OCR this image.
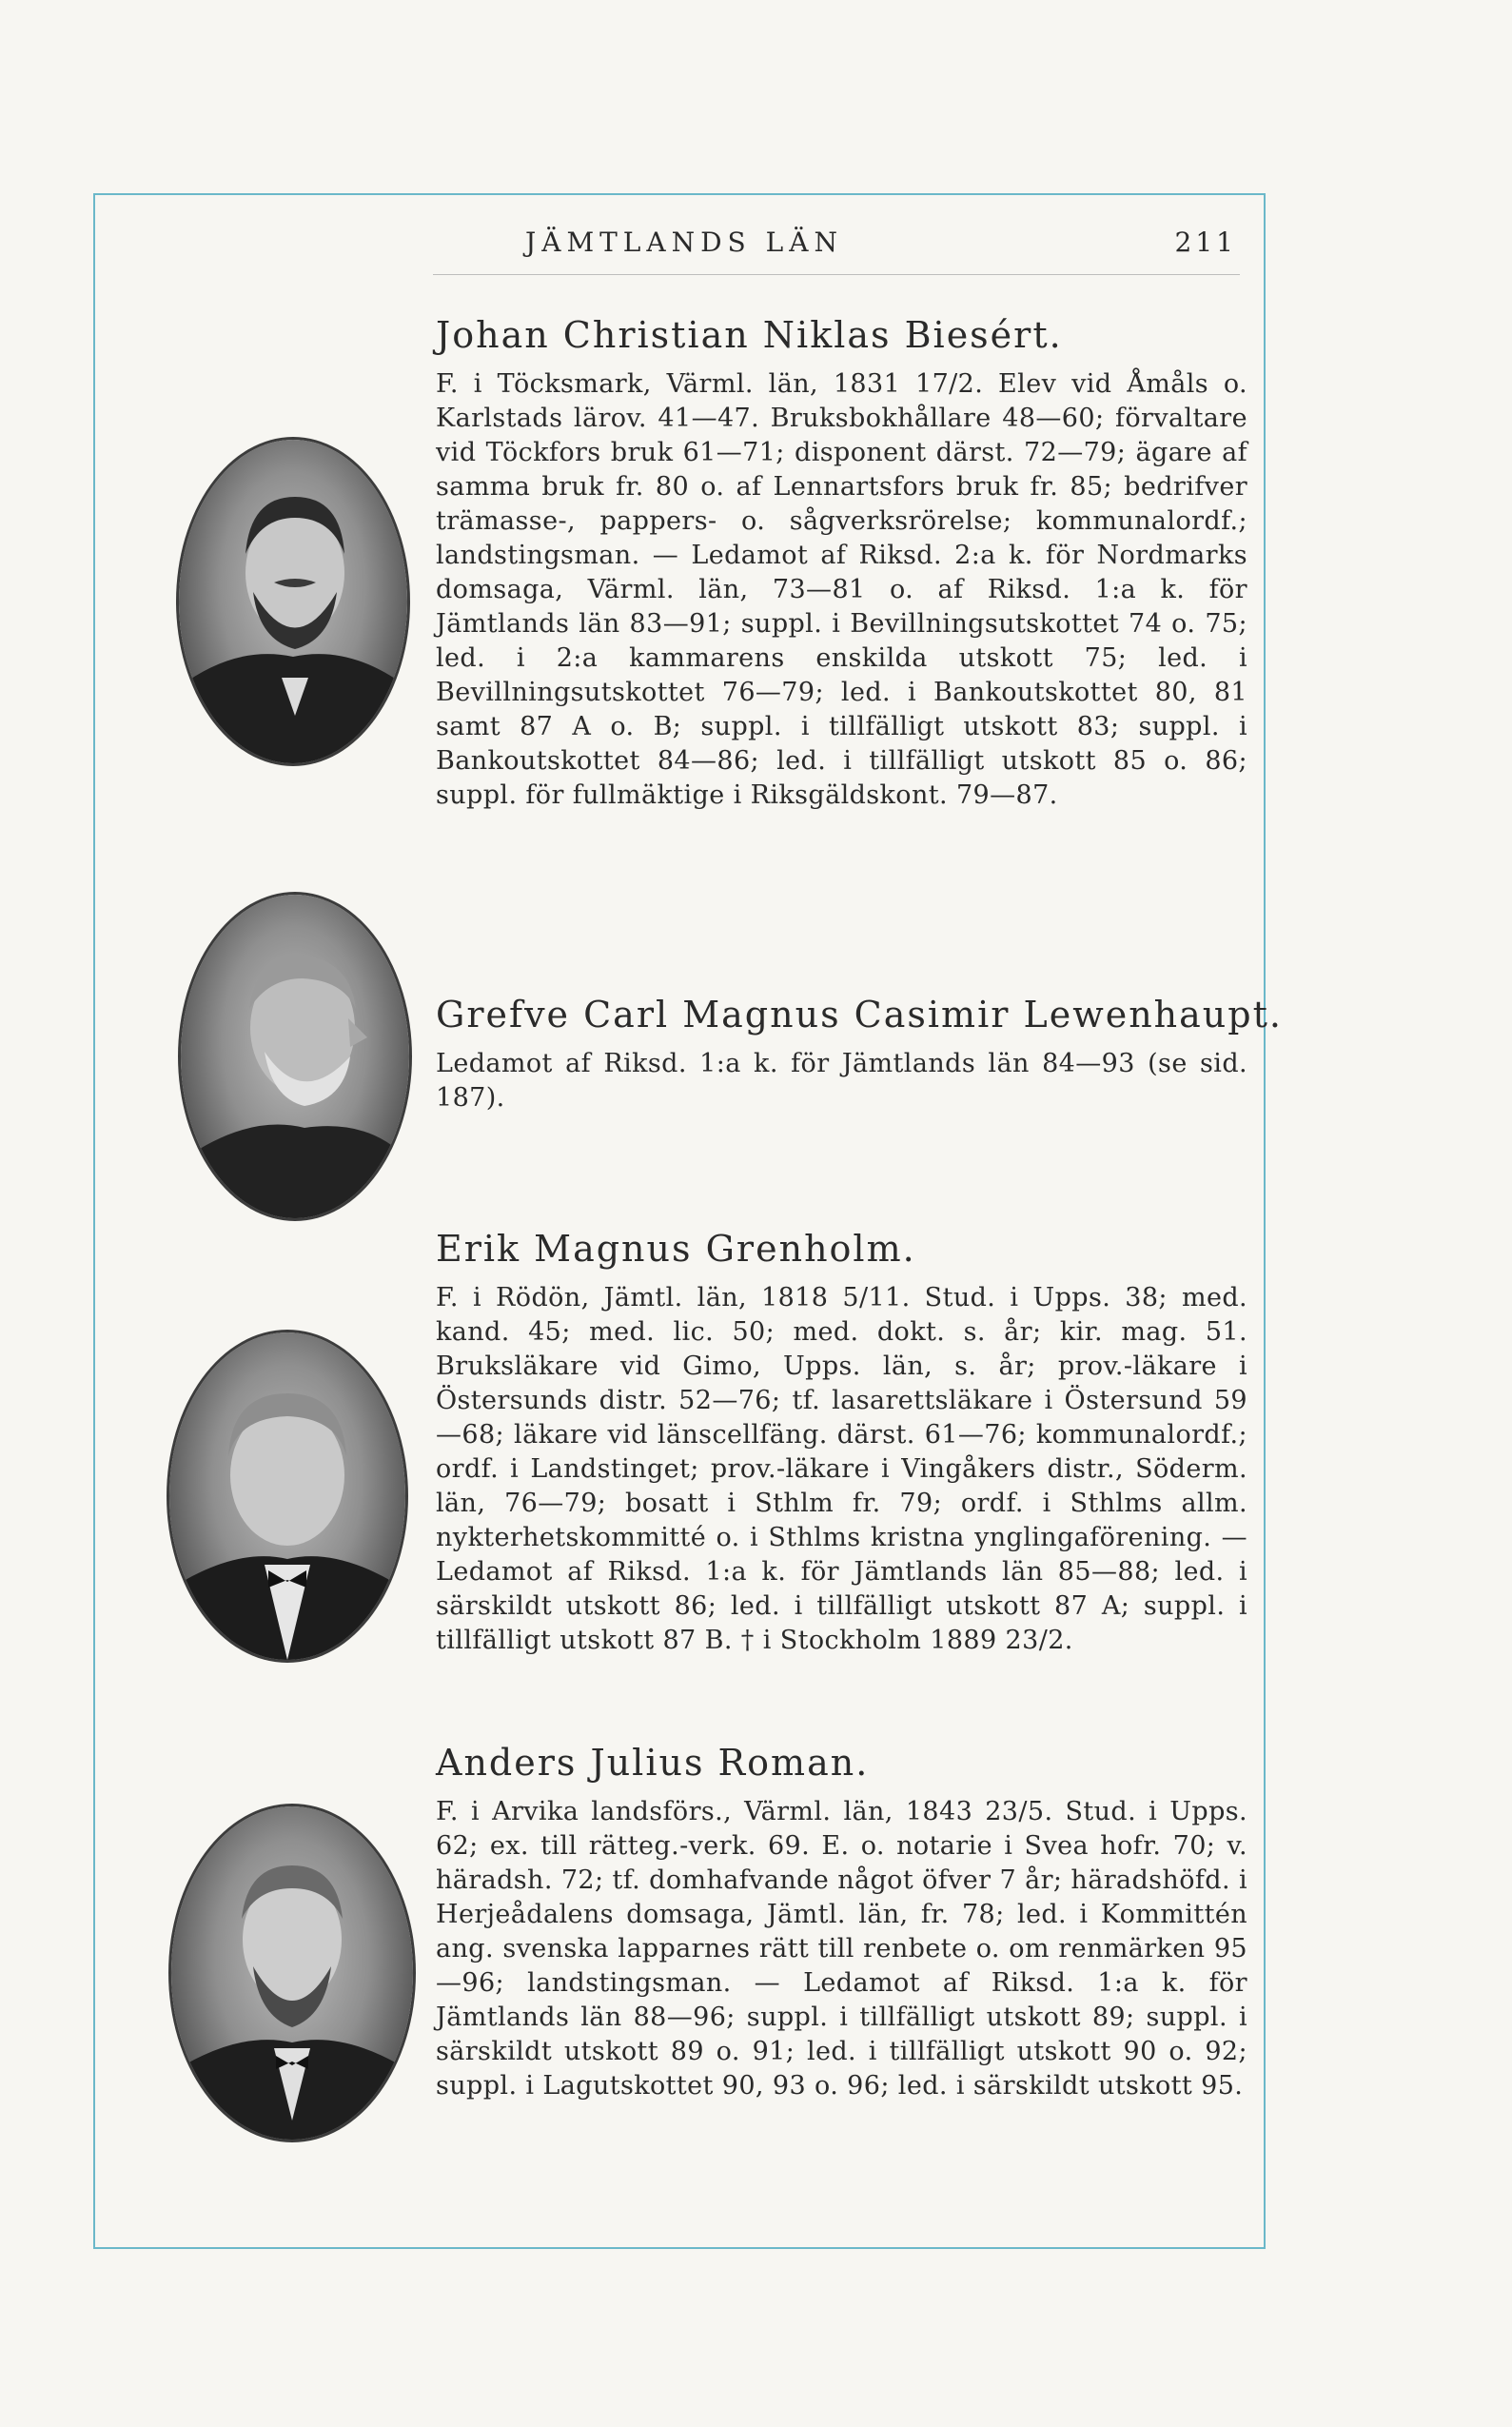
JÄMTLANDS LÄN	211
Johan Christian Niklas Biesért.

F. i Töcksmark, Värml. län, 1831 17/2. Elev vid Åmåls o. Karlstads lärov. 41—47. Bruksbokhållare 48—60; förvaltare vid Töckfors bruk 61—71; disponent därst. 72—79; ägare af samma bruk fr. 80 o. af Lennartsfors bruk fr. 85; bedrifver trämasse-, pappers- o. sågverksrörelse; kommunalordf.; landstingsman. — Ledamot af Riksd. 2:a k. för Nordmarks domsaga, Värml. län, 73—81 o. af Riksd. 1:a k. för Jämtlands län 83—91; suppl. i Bevillningsutskottet 74 o. 75; led. i 2:a kammarens enskilda utskott 75; led. i Bevillningsutskottet 76—79; led. i Bankoutskottet 80, 81 samt 87 A o. B; suppl. i tillfälligt utskott 83; suppl. i Bankoutskottet 84—86; led. i tillfälligt utskott 85 o. 86; suppl. för fullmäktige i Riksgäldskont. 79—87.

Grefve Carl Magnus Casimir Lewenhaupt.

Ledamot af Riksd. 1:a k. för Jämtlands län 84—93 (se sid. 187).

Erik Magnus Grenholm.

F. i Rödön, Jämtl. län, 1818 5/11. Stud. i Upps. 38; med. kand. 45; med. lic. 50; med. dokt. s. år; kir. mag. 51. Bruksläkare vid Gimo, Upps. län, s. år; prov.-läkare i Östersunds distr. 52—76; tf. lasarettsläkare i Östersund 59—68; läkare vid länscellfäng. därst. 61—76; kommunalordf.; ordf. i Landstinget; prov.-läkare i Vingåkers distr., Söderm. län, 76—79; bosatt i Sthlm fr. 79; ordf. i Sthlms allm. nykterhetskommitté o. i Sthlms kristna ynglingaförening. — Ledamot af Riksd. 1:a k. för Jämtlands län 85—88; led. i särskildt utskott 86; led. i tillfälligt utskott 87 A; suppl. i tillfälligt utskott 87 B. † i Stockholm 1889 23/2.

Anders Julius Roman.

F. i Arvika landsförs., Värml. län, 1843 23/5. Stud. i Upps. 62; ex. till rätteg.-verk. 69. E. o. notarie i Svea hofr. 70; v. häradsh. 72; tf. domhafvande något öfver 7 år; häradshöfd. i Herjeådalens domsaga, Jämtl. län, fr. 78; led. i Kommittén ang. svenska lapparnes rätt till renbete o. om renmärken 95—96; landstingsman. — Ledamot af Riksd. 1:a k. för Jämtlands län 88—96; suppl. i tillfälligt utskott 89; suppl. i särskildt utskott 89 o. 91; led. i tillfälligt utskott 90 o. 92; suppl. i Lagutskottet 90, 93 o. 96; led. i särskildt utskott 95.
